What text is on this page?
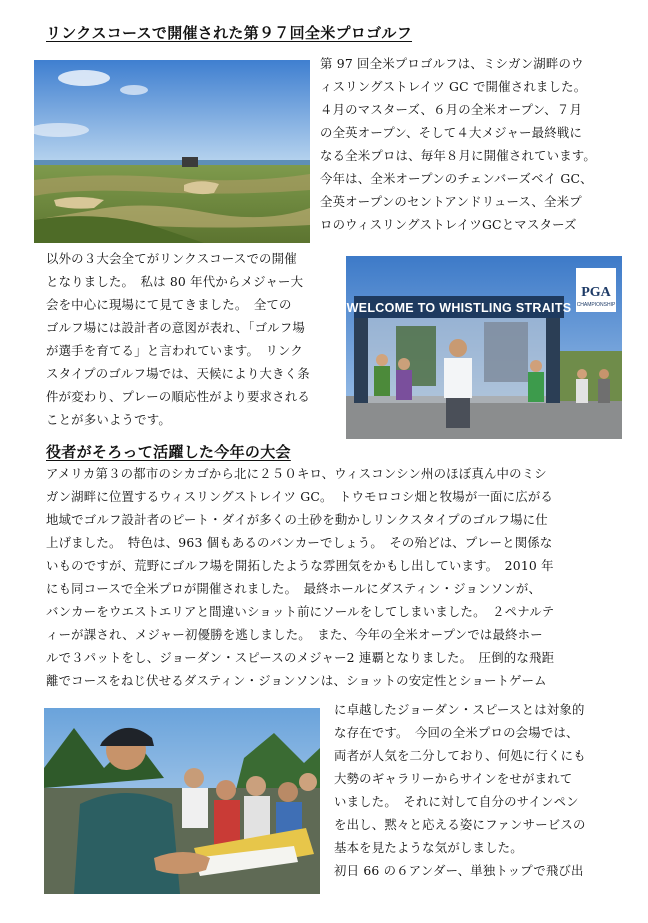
リンクスコースで開催された第９７回全米プロゴルフ
役者がそろって活躍した今年の大会
第 97 回全米プロゴルフは、ミシガン湖畔のウ
ィスリングストレイツ GC で開催されました。
４月のマスターズ、６月の全米オープン、７月
の全英オープン、そして４大メジャー最終戦に
なる全米プロは、毎年８月に開催されています。
今年は、全米オープンのチェンバーズベイ GC、
全英オープンのセントアンドリュース、全米プ
ロのウィスリングストレイツGCとマスターズ
以外の３大会全てがリンクスコースでの開催
となりました。　私は 80 年代からメジャー大
会を中心に現場にて見てきました。　全ての
ゴルフ場には設計者の意図が表れ、「ゴルフ場
が選手を育てる」と言われています。　リンク
スタイプのゴルフ場では、天候により大きく条
件が変わり、プレーの順応性がより要求される
ことが多いようです。
WELCOME TO WHISTLING STRAITS
PGA
CHAMPIONSHIP
アメリカ第３の都市のシカゴから北に２５０キロ、ウィスコンシン州のほぼ真ん中のミシ
ガン湖畔に位置するウィスリングストレイツ GC。　トウモロコシ畑と牧場が一面に広がる
地域でゴルフ設計者のピート・ダイが多くの土砂を動かしリンクスタイプのゴルフ場に仕
上げました。　特色は、963 個もあるのバンカーでしょう。　その殆どは、プレーと関係な
いものですが、荒野にゴルフ場を開拓したような雰囲気をかもし出しています。　2010 年
にも同コースで全米プロが開催されました。　最終ホールにダスティン・ジョンソンが、
バンカーをウエストエリアと間違いショット前にソールをしてしまいました。　２ペナルテ
ィーが課され、メジャー初優勝を逃しました。　また、今年の全米オープンでは最終ホー
ルで３パットをし、ジョーダン・スピースのメジャー2 連覇となりました。　圧倒的な飛距
離でコースをねじ伏せるダスティン・ジョンソンは、ショットの安定性とショートゲーム
に卓越したジョーダン・スピースとは対象的
な存在です。　今回の全米プロの会場では、
両者が人気を二分しており、何処に行くにも
大勢のギャラリーからサインをせがまれて
いました。　それに対して自分のサインペン
を出し、黙々と応える姿にファンサービスの
基本を見たような気がしました。
初日 66 の６アンダー、単独トップで飛び出
